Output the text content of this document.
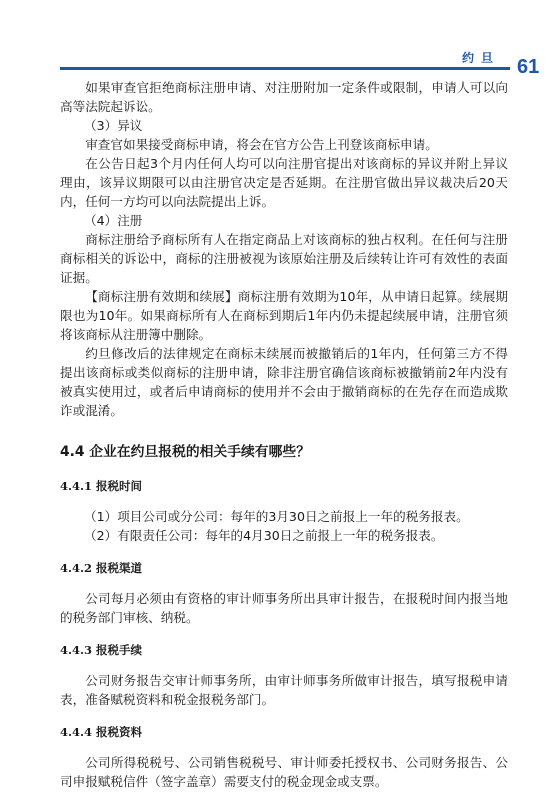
约旦 61

如果审查官拒绝商标注册申请、对注册附加一定条件或限制，申请人可以向高等法院起诉讼。

（3）异议

审查官如果接受商标申请，将会在官方公告上刊登该商标申请。

在公告日起3个月内任何人均可以向注册官提出对该商标的异议并附上异议理由，该异议期限可以由注册官决定是否延期。在注册官做出异议裁决后20天内，任何一方均可以向法院提出上诉。

（4）注册

商标注册给予商标所有人在指定商品上对该商标的独占权利。在任何与注册商标相关的诉讼中，商标的注册被视为该原始注册及后续转让许可有效性的表面证据。

【商标注册有效期和续展】商标注册有效期为10年，从申请日起算。续展期限也为10年。如果商标所有人在商标到期后1年内仍未提起续展申请，注册官须将该商标从注册簿中删除。

约旦修改后的法律规定在商标未续展而被撤销后的1年内，任何第三方不得提出该商标或类似商标的注册申请，除非注册官确信该商标被撤销前2年内没有被真实使用过，或者后申请商标的使用并不会由于撤销商标的在先存在而造成欺诈或混淆。

4.4 企业在约旦报税的相关手续有哪些？
4.4.1 报税时间

（1）项目公司或分公司：每年的3月30日之前报上一年的税务报表。

（2）有限责任公司：每年的4月30日之前报上一年的税务报表。

4.4.2 报税渠道

公司每月必须由有资格的审计师事务所出具审计报告，在报税时间内报当地的税务部门审核、纳税。

4.4.3 报税手续

公司财务报告交审计师事务所，由审计师事务所做审计报告，填写报税申请表，准备赋税资料和税金报税务部门。

4.4.4 报税资料

公司所得税税号、公司销售税税号、审计师委托授权书、公司财务报告、公司申报赋税信件（签字盖章）需要支付的税金现金或支票。
